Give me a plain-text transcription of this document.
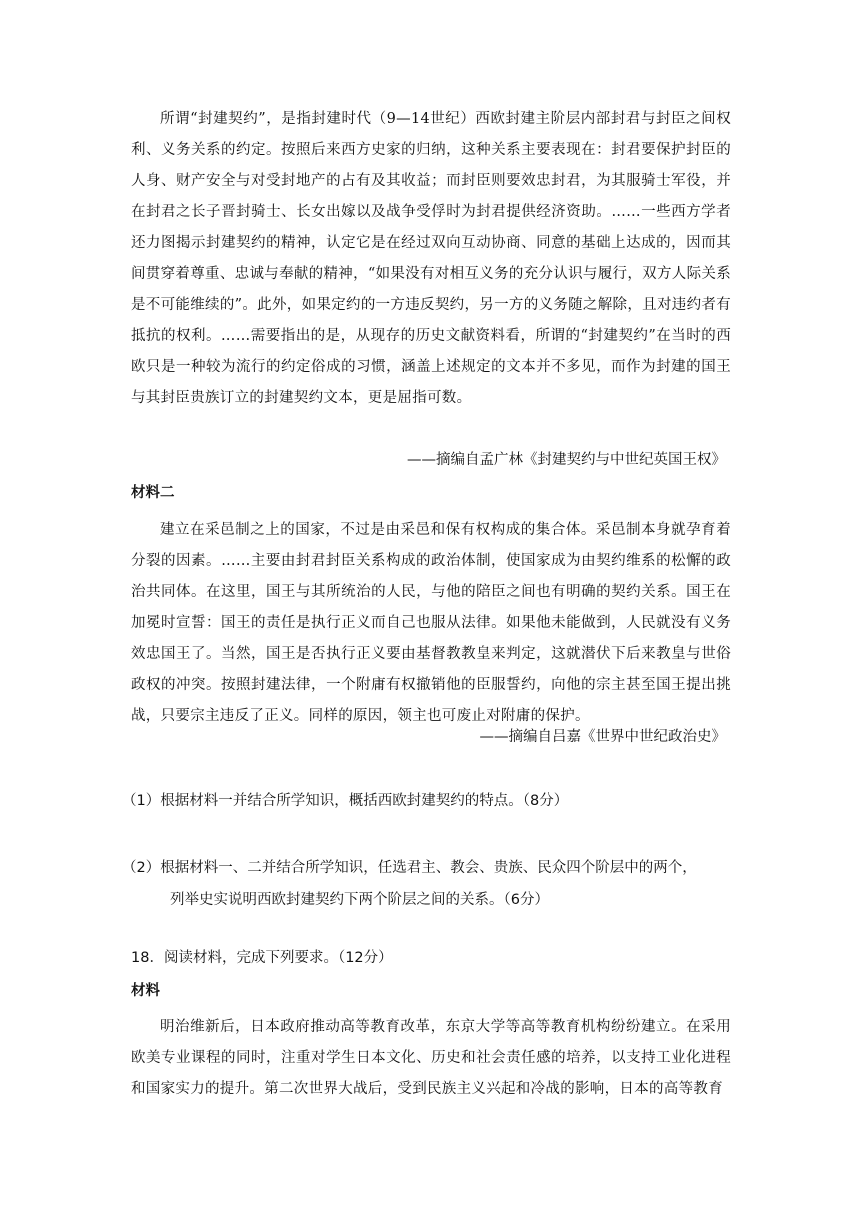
所谓“封建契约”，是指封建时代（9—14世纪）西欧封建主阶层内部封君与封臣之间权利、义务关系的约定。按照后来西方史家的归纳，这种关系主要表现在：封君要保护封臣的人身、财产安全与对受封地产的占有及其收益；而封臣则要效忠封君，为其服骑士军役，并在封君之长子晋封骑士、长女出嫁以及战争受俘时为封君提供经济资助。……一些西方学者还力图揭示封建契约的精神，认定它是在经过双向互动协商、同意的基础上达成的，因而其间贯穿着尊重、忠诚与奉献的精神，“如果没有对相互义务的充分认识与履行，双方人际关系是不可能维续的”。此外，如果定约的一方违反契约，另一方的义务随之解除，且对违约者有抵抗的权利。……需要指出的是，从现存的历史文献资料看，所谓的“封建契约”在当时的西欧只是一种较为流行的约定俗成的习惯，涵盖上述规定的文本并不多见，而作为封建的国王与其封臣贵族订立的封建契约文本，更是屈指可数。

——摘编自孟广林《封建契约与中世纪英国王权》

材料二

建立在采邑制之上的国家，不过是由采邑和保有权构成的集合体。采邑制本身就孕育着分裂的因素。……主要由封君封臣关系构成的政治体制，使国家成为由契约维系的松懈的政治共同体。在这里，国王与其所统治的人民，与他的陪臣之间也有明确的契约关系。国王在加冕时宣誓：国王的责任是执行正义而自己也服从法律。如果他未能做到，人民就没有义务效忠国王了。当然，国王是否执行正义要由基督教教皇来判定，这就潜伏下后来教皇与世俗政权的冲突。按照封建法律，一个附庸有权撤销他的臣服誓约，向他的宗主甚至国王提出挑战，只要宗主违反了正义。同样的原因，领主也可废止对附庸的保护。

——摘编自吕嘉《世界中世纪政治史》

（1）根据材料一并结合所学知识，概括西欧封建契约的特点。（8分）

（2）根据材料一、二并结合所学知识，任选君主、教会、贵族、民众四个阶层中的两个，

列举史实说明西欧封建契约下两个阶层之间的关系。（6分）

18．阅读材料，完成下列要求。（12分）

材料

明治维新后，日本政府推动高等教育改革，东京大学等高等教育机构纷纷建立。在采用欧美专业课程的同时，注重对学生日本文化、历史和社会责任感的培养，以支持工业化进程和国家实力的提升。第二次世界大战后，受到民族主义兴起和冷战的影响，日本的高等教育
